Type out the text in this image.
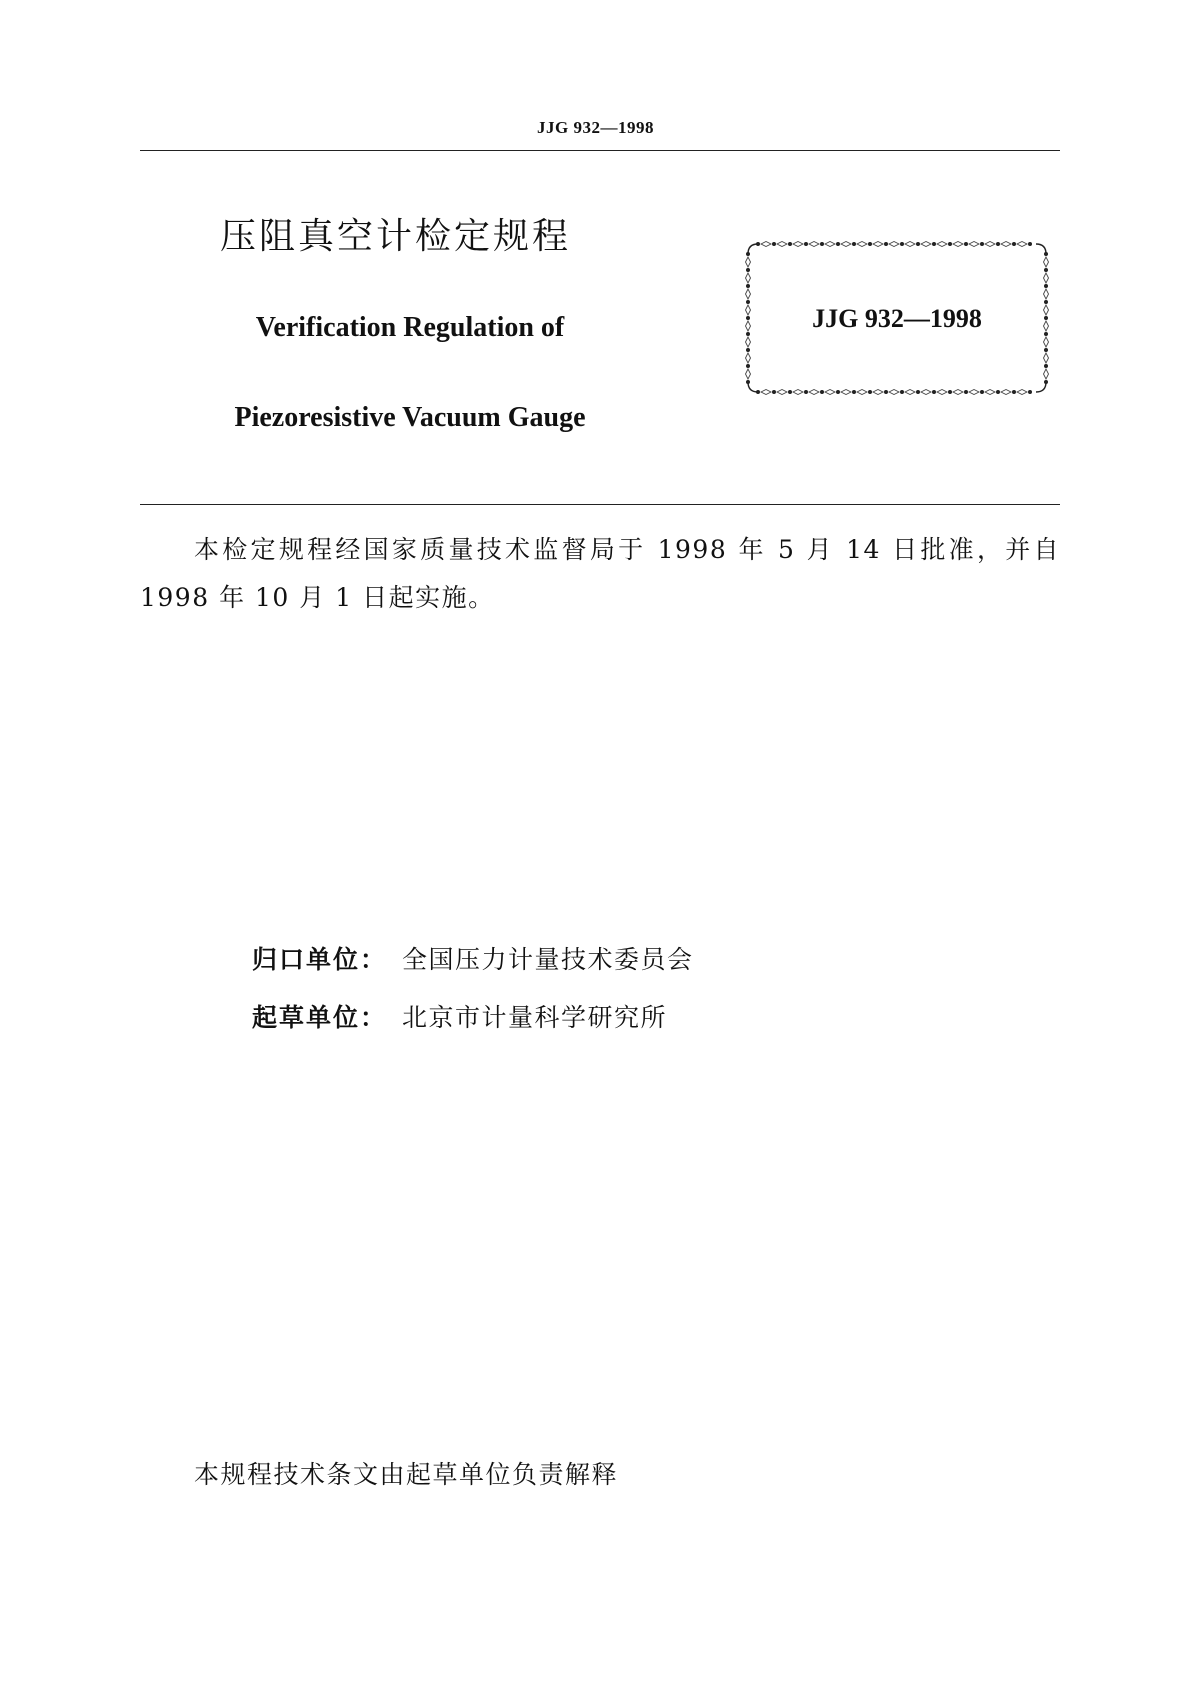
JJG 932—1998
压阻真空计检定规程
Verification Regulation of
Piezoresistive Vacuum Gauge
JJG 932—1998
本检定规程经国家质量技术监督局于 1998 年 5 月 14 日批准，并自 1998 年 10 月 1 日起实施。
归口单位： 全国压力计量技术委员会
起草单位： 北京市计量科学研究所
本规程技术条文由起草单位负责解释
